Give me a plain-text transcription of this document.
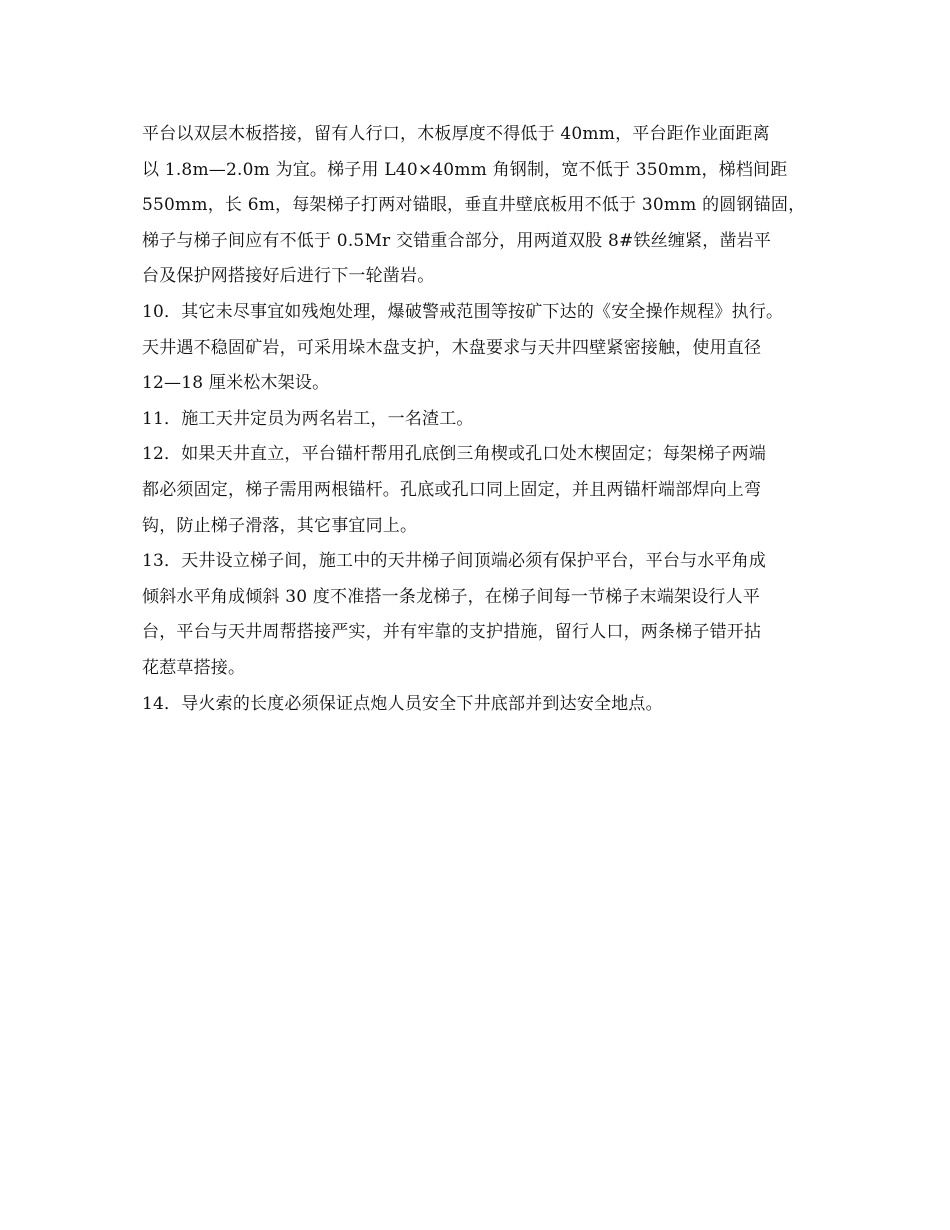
平台以双层木板搭接，留有人行口，木板厚度不得低于 40mm，平台距作业面距离
以 1.8m—2.0m 为宜。梯子用 L40×40mm 角钢制，宽不低于 350mm，梯档间距
550mm，长 6m，每架梯子打两对锚眼，垂直井壁底板用不低于 30mm 的圆钢锚固，
梯子与梯子间应有不低于 0.5Mr 交错重合部分，用两道双股 8#铁丝缠紧，凿岩平
台及保护网搭接好后进行下一轮凿岩。
10．其它未尽事宜如残炮处理，爆破警戒范围等按矿下达的《安全操作规程》执行。
天井遇不稳固矿岩，可采用垛木盘支护，木盘要求与天井四壁紧密接触，使用直径
12—18 厘米松木架设。
11．施工天井定员为两名岩工，一名渣工。
12．如果天井直立，平台锚杆帮用孔底倒三角楔或孔口处木楔固定；每架梯子两端
都必须固定，梯子需用两根锚杆。孔底或孔口同上固定，并且两锚杆端部焊向上弯
钩，防止梯子滑落，其它事宜同上。
13．天井设立梯子间，施工中的天井梯子间顶端必须有保护平台，平台与水平角成
倾斜水平角成倾斜 30 度不准搭一条龙梯子，在梯子间每一节梯子末端架设行人平
台，平台与天井周帮搭接严实，并有牢靠的支护措施，留行人口，两条梯子错开拈
花惹草搭接。
14．导火索的长度必须保证点炮人员安全下井底部并到达安全地点。
